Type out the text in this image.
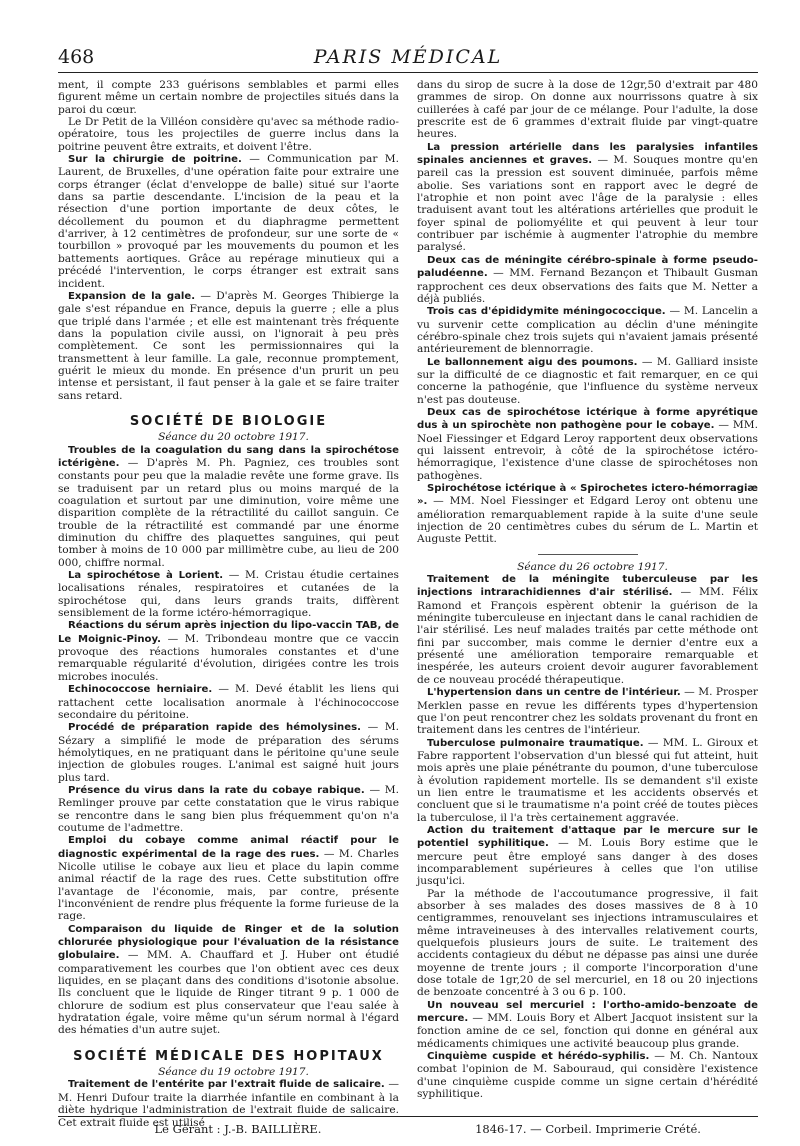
468	PARIS MÉDICAL

ment, il compte 233 guérisons semblables et parmi elles figurent même un certain nombre de projectiles situés dans la paroi du cœur.

Le Dr Petit de la Villéon considère qu'avec sa méthode radio-opératoire, tous les projectiles de guerre inclus dans la poitrine peuvent être extraits, et doivent l'être.

Sur la chirurgie de poitrine. — Communication par M. Laurent, de Bruxelles, d'une opération faite pour extraire une corps étranger (éclat d'enveloppe de balle) situé sur l'aorte dans sa partie descendante. L'incision de la peau et la résection d'une portion importante de deux côtes, le décollement du poumon et du diaphragme permettent d'arriver, à 12 centimètres de profondeur, sur une sorte de « tourbillon » provoqué par les mouvements du poumon et les battements aortiques. Grâce au repérage minutieux qui a précédé l'intervention, le corps étranger est extrait sans incident.

Expansion de la gale. — D'après M. Georges Thibierge la gale s'est répandue en France, depuis la guerre ; elle a plus que triplé dans l'armée ; et elle est maintenant très fréquente dans la population civile aussi, on l'ignorait à peu près complètement. Ce sont les permissionnaires qui la transmettent à leur famille. La gale, reconnue promptement, guérit le mieux du monde. En présence d'un prurit un peu intense et persistant, il faut penser à la gale et se faire traiter sans retard.

SOCIÉTÉ DE BIOLOGIE

Séance du 20 octobre 1917.

Troubles de la coagulation du sang dans la spirochétose ictérigène. — D'après M. Ph. Pagniez, ces troubles sont constants pour peu que la maladie revête une forme grave. Ils se traduisent par un retard plus ou moins marqué de la coagulation et surtout par une diminution, voire même une disparition complète de la rétractilité du caillot sanguin. Ce trouble de la rétractilité est commandé par une énorme diminution du chiffre des plaquettes sanguines, qui peut tomber à moins de 10 000 par millimètre cube, au lieu de 200 000, chiffre normal.

La spirochétose à Lorient. — M. Cristau étudie certaines localisations rénales, respiratoires et cutanées de la spirochétose qui, dans leurs grands traits, diffèrent sensiblement de la forme ictéro-hémorragique.

Réactions du sérum après injection du lipo-vaccin TAB, de Le Moignic-Pinoy. — M. Tribondeau montre que ce vaccin provoque des réactions humorales constantes et d'une remarquable régularité d'évolution, dirigées contre les trois microbes inoculés.

Echinococcose herniaire. — M. Devé établit les liens qui rattachent cette localisation anormale à l'échinococcose secondaire du péritoine.

Procédé de préparation rapide des hémolysines. — M. Sézary a simplifié le mode de préparation des sérums hémolytiques, en ne pratiquant dans le péritoine qu'une seule injection de globules rouges. L'animal est saigné huit jours plus tard.

Présence du virus dans la rate du cobaye rabique. — M. Remlinger prouve par cette constatation que le virus rabique se rencontre dans le sang bien plus fréquemment qu'on n'a coutume de l'admettre.

Emploi du cobaye comme animal réactif pour le diagnostic expérimental de la rage des rues. — M. Charles Nicolle utilise le cobaye aux lieu et place du lapin comme animal réactif de la rage des rues. Cette substitution offre l'avantage de l'économie, mais, par contre, présente l'inconvénient de rendre plus fréquente la forme furieuse de la rage.

Comparaison du liquide de Ringer et de la solution chlorurée physiologique pour l'évaluation de la résistance globulaire. — MM. A. Chauffard et J. Huber ont étudié comparativement les courbes que l'on obtient avec ces deux liquides, en se plaçant dans des conditions d'isotonie absolue. Ils concluent que le liquide de Ringer titrant 9 p. 1 000 de chlorure de sodium est plus conservateur que l'eau salée à hydratation égale, voire même qu'un sérum normal à l'égard des hématies d'un autre sujet.

SOCIÉTÉ MÉDICALE DES HOPITAUX

Séance du 19 octobre 1917.

Traitement de l'entérite par l'extrait fluide de salicaire. — M. Henri Dufour traite la diarrhée infantile en combinant à la diète hydrique l'administration de l'extrait fluide de salicaire. Cet extrait fluide est utilisé

dans du sirop de sucre à la dose de 12gr,50 d'extrait par 480 grammes de sirop. On donne aux nourrissons quatre à six cuillerées à café par jour de ce mélange. Pour l'adulte, la dose prescrite est de 6 grammes d'extrait fluide par vingt-quatre heures.

La pression artérielle dans les paralysies infantiles spinales anciennes et graves. — M. Souques montre qu'en pareil cas la pression est souvent diminuée, parfois même abolie. Ses variations sont en rapport avec le degré de l'atrophie et non point avec l'âge de la paralysie : elles traduisent avant tout les altérations artérielles que produit le foyer spinal de poliomyélite et qui peuvent à leur tour contribuer par ischémie à augmenter l'atrophie du membre paralysé.

Deux cas de méningite cérébro-spinale à forme pseudo-paludéenne. — MM. Fernand Bezançon et Thibault Gusman rapprochent ces deux observations des faits que M. Netter a déjà publiés.

Trois cas d'épididymite méningococcique. — M. Lancelin a vu survenir cette complication au déclin d'une méningite cérébro-spinale chez trois sujets qui n'avaient jamais présenté antérieurement de blennorragie.

Le ballonnement aigu des poumons. — M. Galliard insiste sur la difficulté de ce diagnostic et fait remarquer, en ce qui concerne la pathogénie, que l'influence du système nerveux n'est pas douteuse.

Deux cas de spirochétose ictérique à forme apyrétique dus à un spirochète non pathogène pour le cobaye. — MM. Noel Fiessinger et Edgard Leroy rapportent deux observations qui laissent entrevoir, à côté de la spirochétose ictéro-hémorragique, l'existence d'une classe de spirochétoses non pathogènes.

Spirochétose ictérique à « Spirochetes ictero-hémorragiæ ». — MM. Noel Fiessinger et Edgard Leroy ont obtenu une amélioration remarquablement rapide à la suite d'une seule injection de 20 centimètres cubes du sérum de L. Martin et Auguste Pettit.

Séance du 26 octobre 1917.

Traitement de la méningite tuberculeuse par les injections intrarachidiennes d'air stérilisé. — MM. Félix Ramond et François espèrent obtenir la guérison de la méningite tuberculeuse en injectant dans le canal rachidien de l'air stérilisé. Les neuf malades traités par cette méthode ont fini par succomber, mais comme le dernier d'entre eux a présenté une amélioration temporaire remarquable et inespérée, les auteurs croient devoir augurer favorablement de ce nouveau procédé thérapeutique.

L'hypertension dans un centre de l'intérieur. — M. Prosper Merklen passe en revue les différents types d'hypertension que l'on peut rencontrer chez les soldats provenant du front en traitement dans les centres de l'intérieur.

Tuberculose pulmonaire traumatique. — MM. L. Giroux et Fabre rapportent l'observation d'un blessé qui fut atteint, huit mois après une plaie pénétrante du poumon, d'une tuberculose à évolution rapidement mortelle. Ils se demandent s'il existe un lien entre le traumatisme et les accidents observés et concluent que si le traumatisme n'a point créé de toutes pièces la tuberculose, il l'a très certainement aggravée.

Action du traitement d'attaque par le mercure sur le potentiel syphilitique. — M. Louis Bory estime que le mercure peut être employé sans danger à des doses incomparablement supérieures à celles que l'on utilise jusqu'ici.

Par la méthode de l'accoutumance progressive, il fait absorber à ses malades des doses massives de 8 à 10 centigrammes, renouvelant ses injections intramusculaires et même intraveineuses à des intervalles relativement courts, quelquefois plusieurs jours de suite. Le traitement des accidents contagieux du début ne dépasse pas ainsi une durée moyenne de trente jours ; il comporte l'incorporation d'une dose totale de 1gr,20 de sel mercuriel, en 18 ou 20 injections de benzoate concentré à 3 ou 6 p. 100.

Un nouveau sel mercuriel : l'ortho-amido-benzoate de mercure. — MM. Louis Bory et Albert Jacquot insistent sur la fonction amine de ce sel, fonction qui donne en général aux médicaments chimiques une activité beaucoup plus grande.

Cinquième cuspide et hérédo-syphilis. — M. Ch. Nantoux combat l'opinion de M. Sabouraud, qui considère l'existence d'une cinquième cuspide comme un signe certain d'hérédité syphilitique.

Le Gérant : J.-B. BAILLIÈRE.	1846-17. — Corbeil. Imprimerie Crété.
